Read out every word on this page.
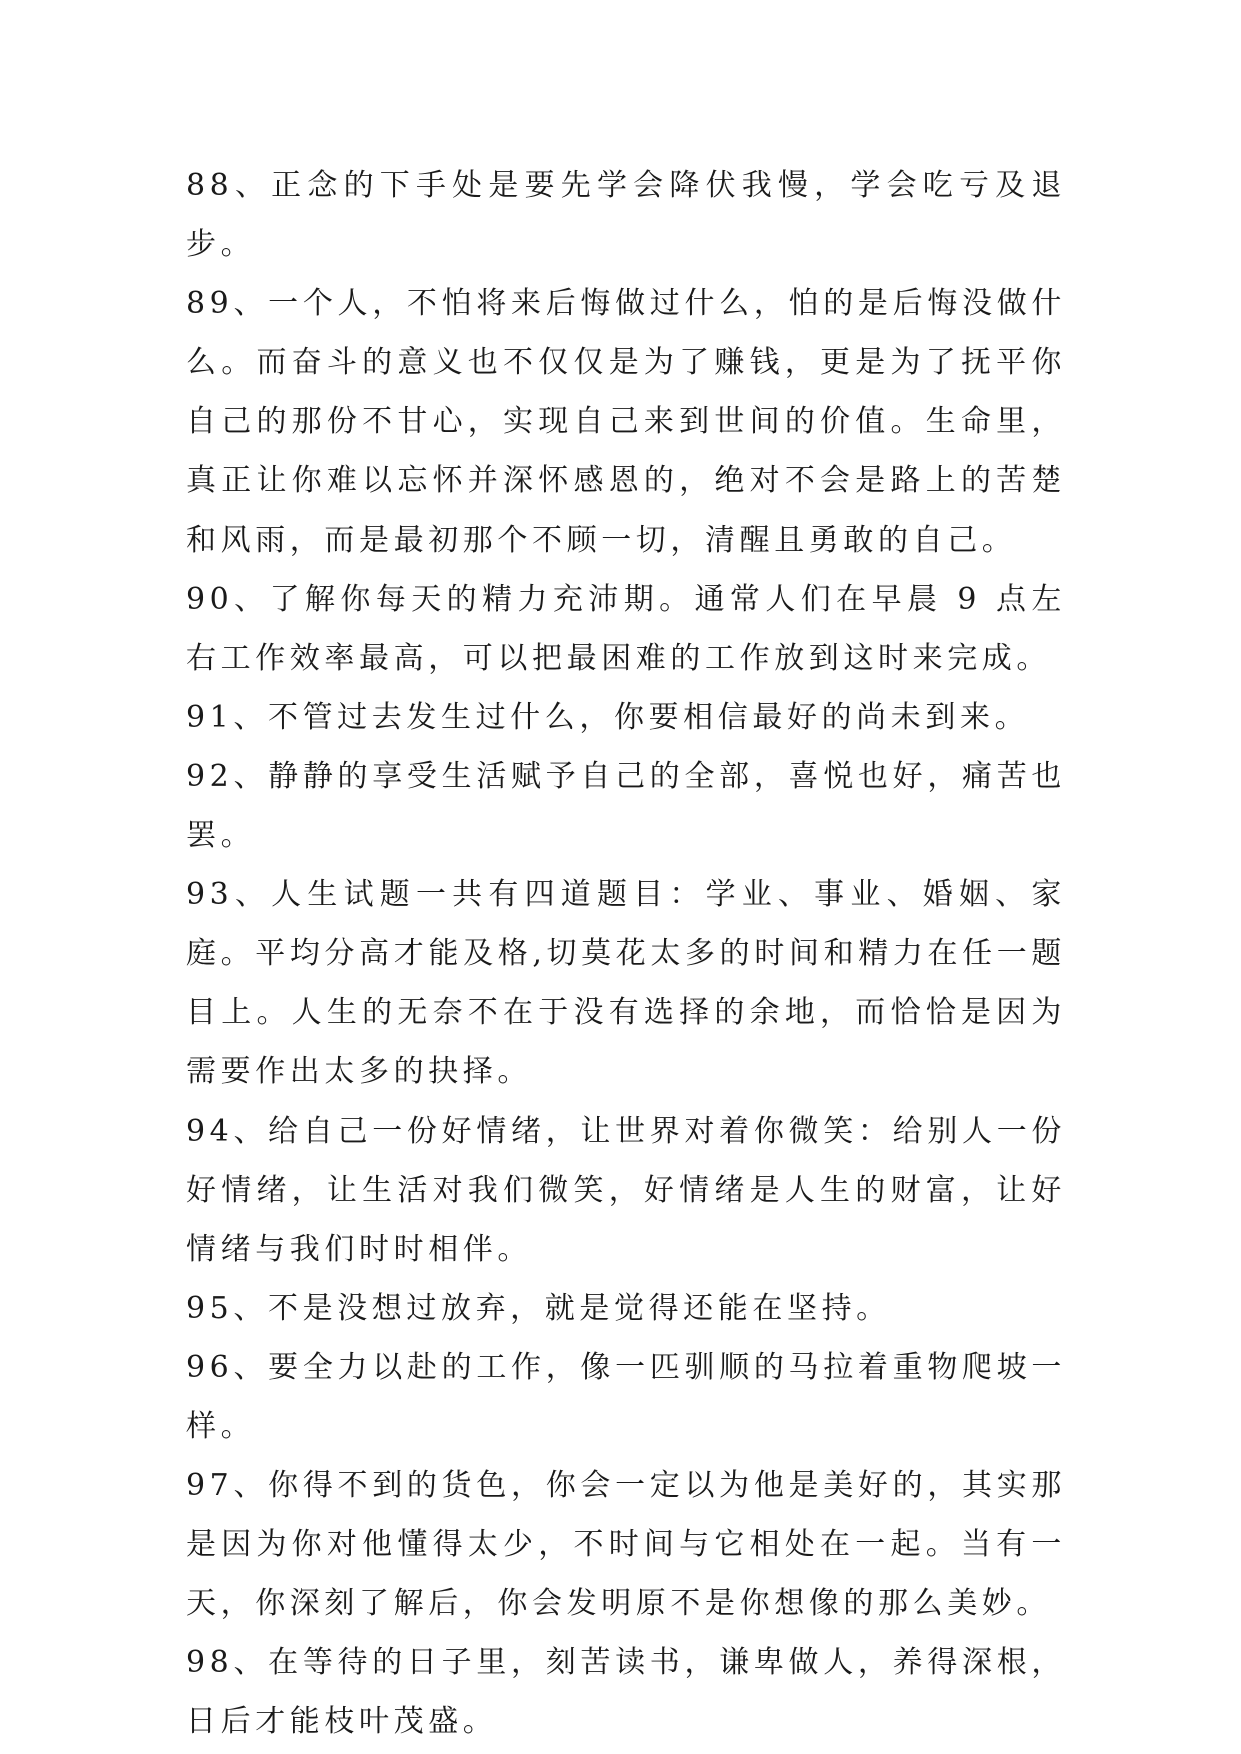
88、正念的下手处是要先学会降伏我慢，学会吃亏及退步。

89、一个人，不怕将来后悔做过什么，怕的是后悔没做什么。而奋斗的意义也不仅仅是为了赚钱，更是为了抚平你自己的那份不甘心，实现自己来到世间的价值。生命里，真正让你难以忘怀并深怀感恩的，绝对不会是路上的苦楚和风雨，而是最初那个不顾一切，清醒且勇敢的自己。

90、了解你每天的精力充沛期。通常人们在早晨 9 点左右工作效率最高，可以把最困难的工作放到这时来完成。

91、不管过去发生过什么，你要相信最好的尚未到来。

92、静静的享受生活赋予自己的全部，喜悦也好，痛苦也罢。

93、人生试题一共有四道题目：学业、事业、婚姻、家庭。平均分高才能及格,切莫花太多的时间和精力在任一题目上。人生的无奈不在于没有选择的余地，而恰恰是因为需要作出太多的抉择。

94、给自己一份好情绪，让世界对着你微笑：给别人一份好情绪，让生活对我们微笑，好情绪是人生的财富，让好情绪与我们时时相伴。

95、不是没想过放弃，就是觉得还能在坚持。

96、要全力以赴的工作，像一匹驯顺的马拉着重物爬坡一样。

97、你得不到的货色，你会一定以为他是美好的，其实那是因为你对他懂得太少，不时间与它相处在一起。当有一天，你深刻了解后，你会发明原不是你想像的那么美妙。

98、在等待的日子里，刻苦读书，谦卑做人，养得深根，日后才能枝叶茂盛。
